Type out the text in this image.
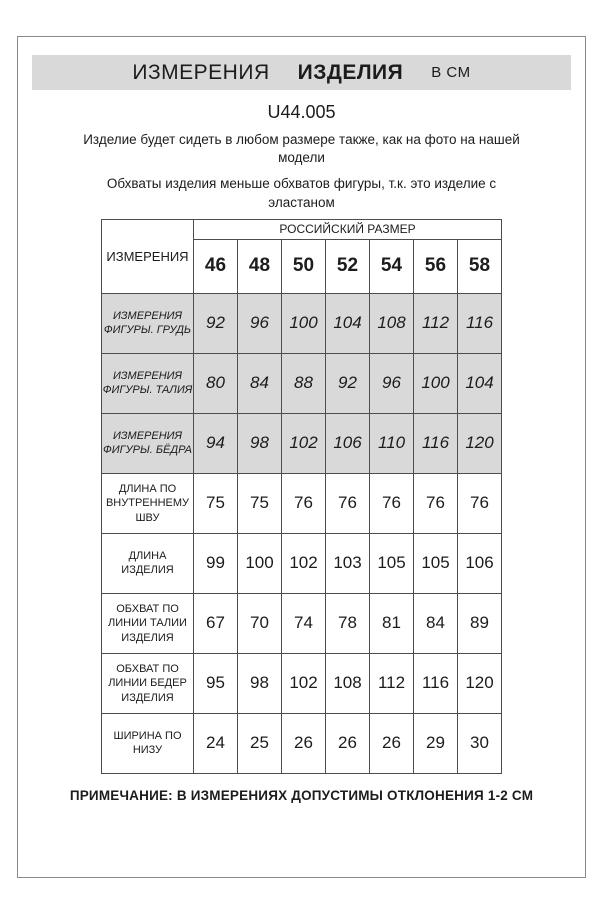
ИЗМЕРЕНИЯ ИЗДЕЛИЯ В СМ
U44.005

Изделие будет сидеть в любом размере также, как на фото на нашей модели

Обхваты изделия меньше обхватов фигуры, т.к. это изделие с эластаном

ИЗМЕРЕНИЯ	РОССИЙСКИЙ РАЗМЕР						
	46	48	50	52	54	56	58
ИЗМЕРЕНИЯ ФИГУРЫ. ГРУДЬ	92	96	100	104	108	112	116
ИЗМЕРЕНИЯ ФИГУРЫ. ТАЛИЯ	80	84	88	92	96	100	104
ИЗМЕРЕНИЯ ФИГУРЫ. БЁДРА	94	98	102	106	110	116	120
ДЛИНА ПО ВНУТРЕННЕМУ ШВУ	75	75	76	76	76	76	76
ДЛИНА ИЗДЕЛИЯ	99	100	102	103	105	105	106
ОБХВАТ ПО ЛИНИИ ТАЛИИ ИЗДЕЛИЯ	67	70	74	78	81	84	89
ОБХВАТ ПО ЛИНИИ БЕДЕР ИЗДЕЛИЯ	95	98	102	108	112	116	120
ШИРИНА ПО НИЗУ	24	25	26	26	26	29	30
ПРИМЕЧАНИЕ: В ИЗМЕРЕНИЯХ ДОПУСТИМЫ ОТКЛОНЕНИЯ 1-2 СМ
